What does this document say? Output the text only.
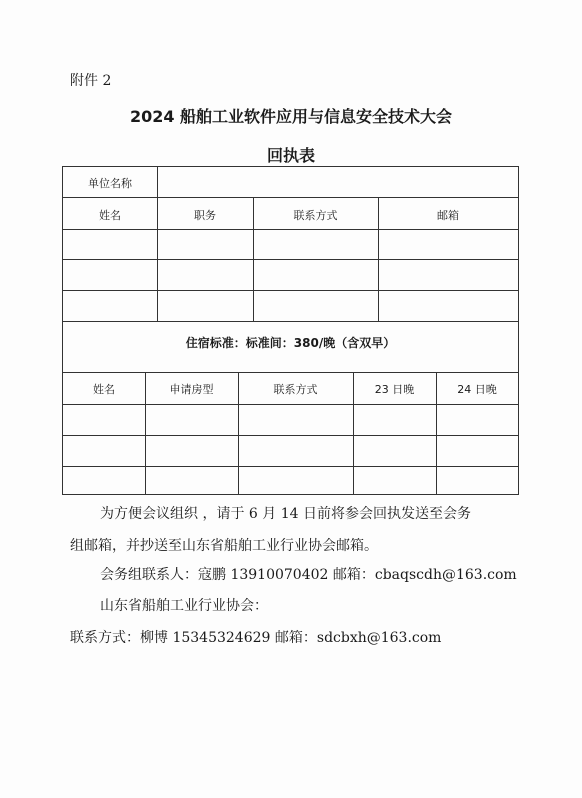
附件 2
2024 船舶工业软件应用与信息安全技术大会
回执表
单位名称
姓名	职务	联系方式	邮箱
住宿标准：标准间：380/晚（含双早）
姓名	申请房型	联系方式	23 日晚	24 日晚
为方便会议组织 ，请于 6 月 14 日前将参会回执发送至会务
组邮箱，并抄送至山东省船舶工业行业协会邮箱。
会务组联系人：寇鹏 13910070402 邮箱：cbaqscdh@163.com
山东省船舶工业行业协会：
联系方式：柳博 15345324629 邮箱：sdcbxh@163.com
